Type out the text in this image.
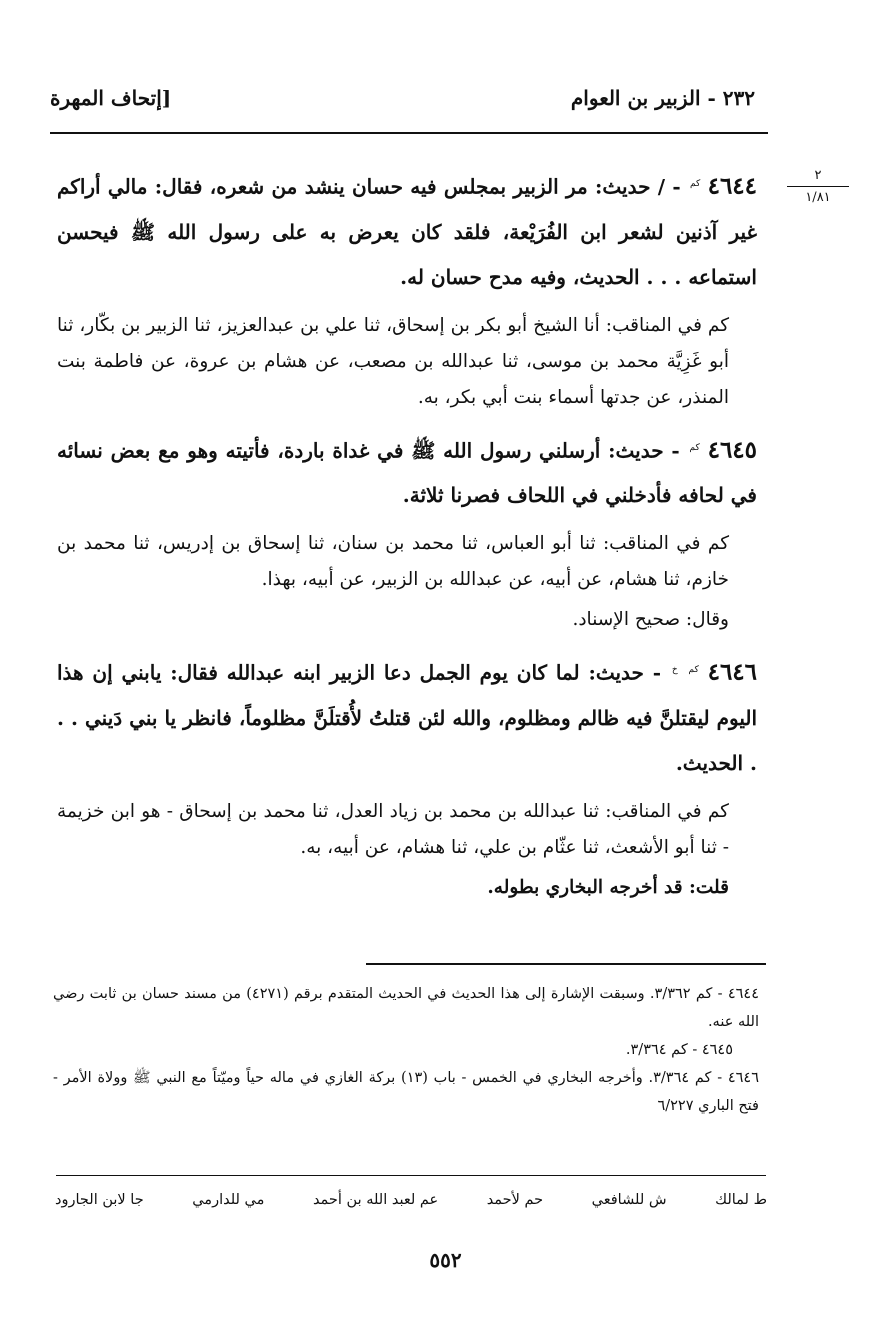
٢٣٢ - الزبير بن العوام
[إتحاف المهرة
٢
١/٨١

٤٦٤٤ $^{كم}$ - / حديث: مر الزبير بمجلس فيه حسان ينشد من شعره، فقال: مالي أراكم غير آذنين لشعر ابن الفُرَيْعة، فلقد كان يعرض به على رسول الله ﷺ فيحسن استماعه . . . الحديث، وفيه مدح حسان له.

كم في المناقب: أنا الشيخ أبو بكر بن إسحاق، ثنا علي بن عبدالعزيز، ثنا الزبير بن بكّار، ثنا أبو غَزِيَّة محمد بن موسى، ثنا عبدالله بن مصعب، عن هشام بن عروة، عن فاطمة بنت المنذر، عن جدتها أسماء بنت أبي بكر، به.

٤٦٤٥ $^{كم}$ - حديث: أرسلني رسول الله ﷺ في غداة باردة، فأتيته وهو مع بعض نسائه في لحافه فأدخلني في اللحاف فصرنا ثلاثة.

كم في المناقب: ثنا أبو العباس، ثنا محمد بن سنان، ثنا إسحاق بن إدريس، ثنا محمد بن خازم، ثنا هشام، عن أبيه، عن عبدالله بن الزبير، عن أبيه، بهذا.

وقال: صحيح الإسناد.

٤٦٤٦ $^{كم}$ $^خ$ - حديث: لما كان يوم الجمل دعا الزبير ابنه عبدالله فقال: يابني إن هذا اليوم ليقتلنَّ فيه ظالم ومظلوم، والله لئن قتلتُ لأُقتلَنَّ مظلوماً، فانظر يا بني دَيني . . . الحديث.

كم في المناقب: ثنا عبدالله بن محمد بن زياد العدل، ثنا محمد بن إسحاق - هو ابن خزيمة - ثنا أبو الأشعث، ثنا عثّام بن علي، ثنا هشام، عن أبيه، به.

قلت: قد أخرجه البخاري بطوله.

٤٦٤٤ - كم ٣/٣٦٢. وسبقت الإشارة إلى هذا الحديث في الحديث المتقدم برقم (٤٢٧١) من مسند حسان بن ثابت رضي الله عنه.

٤٦٤٥ - كم ٣/٣٦٤.

٤٦٤٦ - كم ٣/٣٦٤. وأخرجه البخاري في الخمس - باب (١٣) بركة الغازي في ماله حياً وميّتاً مع النبي ﷺ وولاة الأمر - فتح الباري ٦/٢٢٧

ط لمالك
ش للشافعي
حم لأحمد
عم لعبد الله بن أحمد
مي للدارمي
جا لابن الجارود
٥٥٢
